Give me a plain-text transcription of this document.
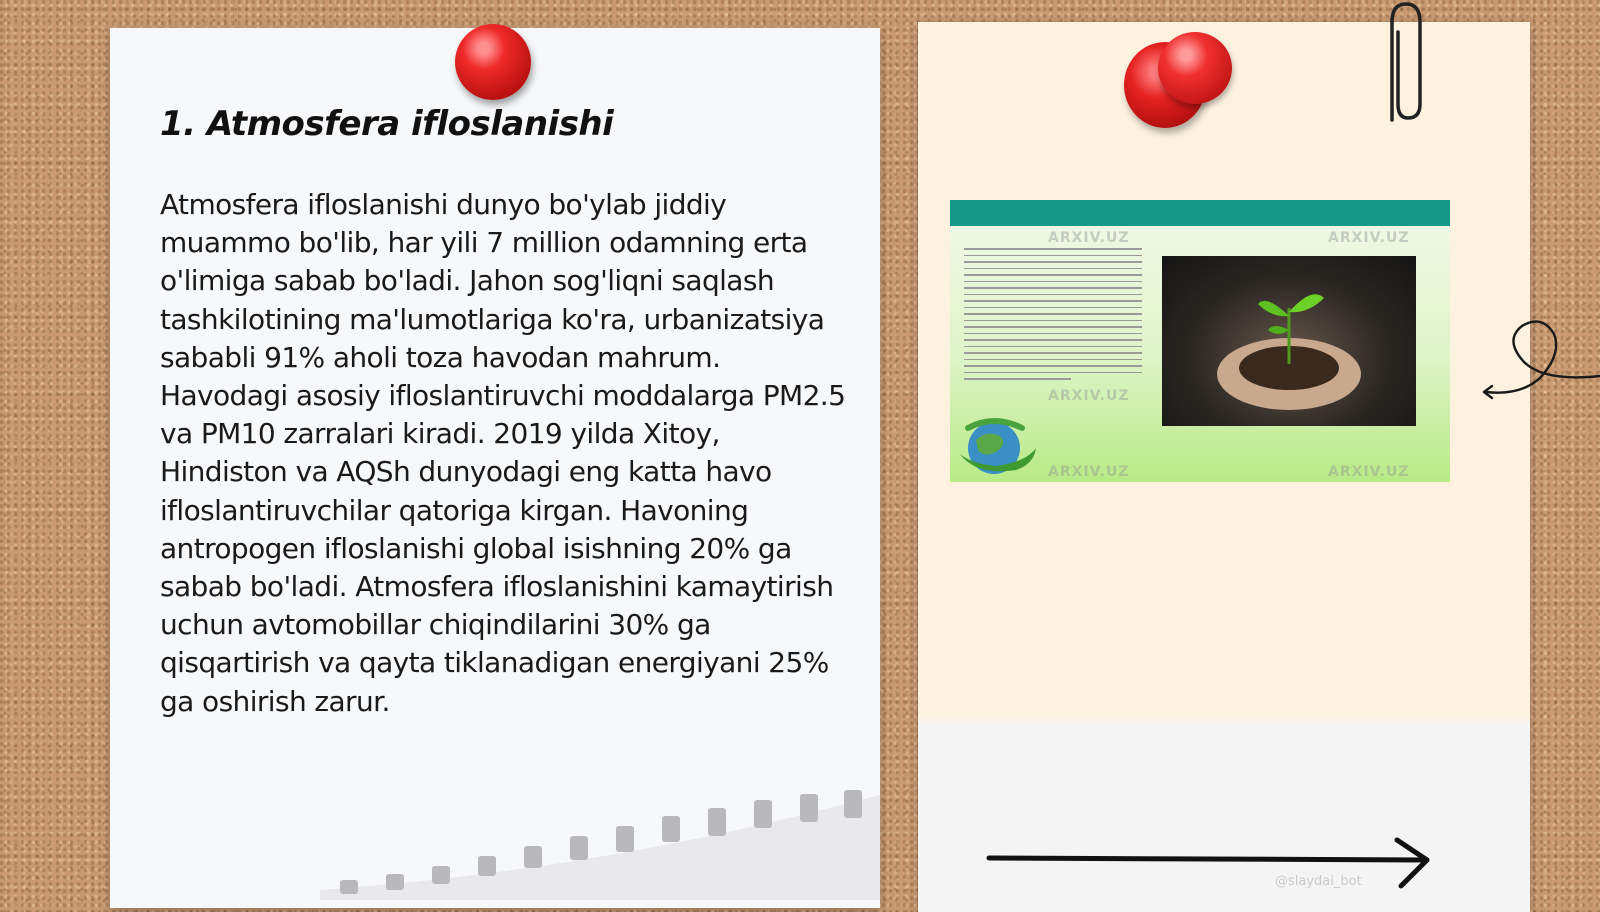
1. Atmosfera ifloslanishi

Atmosfera ifloslanishi dunyo bo'ylab jiddiy muammo bo'lib, har yili 7 million odamning erta o'limiga sabab bo'ladi. Jahon sog'liqni saqlash tashkilotining ma'lumotlariga ko'ra, urbanizatsiya sababli 91% aholi toza havodan mahrum. Havodagi asosiy ifloslantiruvchi moddalarga PM2.5 va PM10 zarralari kiradi. 2019 yilda Xitoy, Hindiston va AQSh dunyodagi eng katta havo ifloslantiruvchilar qatoriga kirgan. Havoning antropogen ifloslanishi global isishning 20% ga sabab bo'ladi. Atmosfera ifloslanishini kamaytirish uchun avtomobillar chiqindilarini 30% ga qisqartirish va qayta tiklanadigan energiyani 25% ga oshirish zarur.

ARXIV.UZ	ARXIV.UZ
ARXIV.UZ
ARXIV.UZ	ARXIV.UZ
@slaydai_bot
